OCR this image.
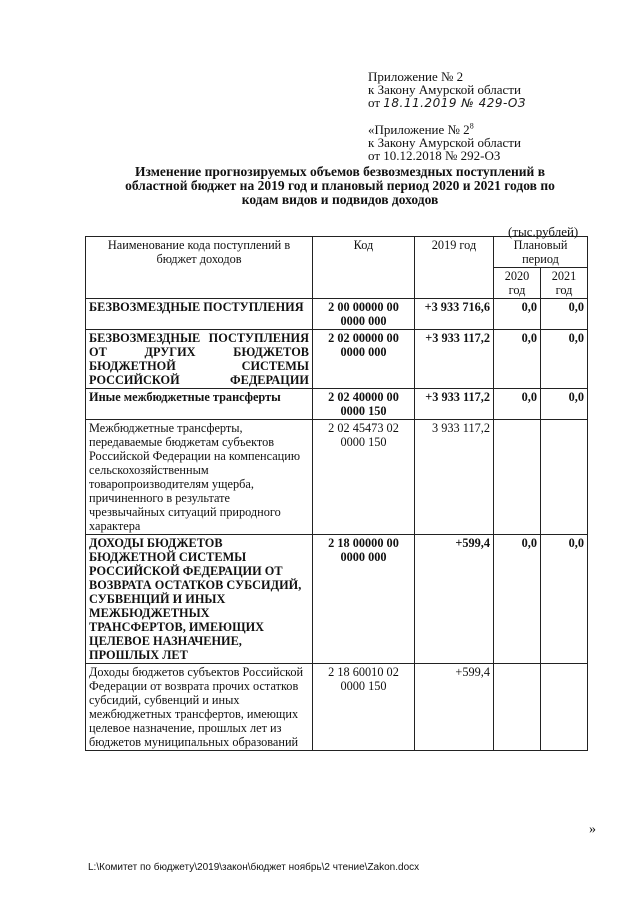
Приложение № 2
к Закону Амурской области
от 18.11.2019 № 429-ОЗ
«Приложение № $2^8$
к Закону Амурской области
от 10.12.2018 № 292-ОЗ
Изменение прогнозируемых объемов безвозмездных поступлений в
областной бюджет на 2019 год и плановый период 2020 и 2021 годов по
кодам видов и подвидов доходов
(тыс.рублей)
Наименование кода поступлений в бюджет доходов	Код	2019 год	Плановый период	
			2020 год	2021 год
БЕЗВОЗМЕЗДНЫЕ ПОСТУПЛЕНИЯ	2 00 00000 00 0000 000	+3 933 716,6	0,0	0,0
БЕЗВОЗМЕЗДНЫЕ ПОСТУПЛЕНИЯ ОТ ДРУГИХ БЮДЖЕТОВ БЮДЖЕТНОЙ СИСТЕМЫ РОССИЙСКОЙ ФЕДЕРАЦИИ	2 02 00000 00 0000 000	+3 933 117,2	0,0	0,0
Иные межбюджетные трансферты	2 02 40000 00 0000 150	+3 933 117,2	0,0	0,0
Межбюджетные трансферты, передаваемые бюджетам субъектов Российской Федерации на компенсацию сельскохозяйственным товаропроизводителям ущерба, причиненного в результате чрезвычайных ситуаций природного характера	2 02 45473 02 0000 150	3 933 117,2		
ДОХОДЫ БЮДЖЕТОВ БЮДЖЕТНОЙ СИСТЕМЫ РОССИЙСКОЙ ФЕДЕРАЦИИ ОТ ВОЗВРАТА ОСТАТКОВ СУБСИДИЙ, СУБВЕНЦИЙ И ИНЫХ МЕЖБЮДЖЕТНЫХ ТРАНСФЕРТОВ, ИМЕЮЩИХ ЦЕЛЕВОЕ НАЗНАЧЕНИЕ, ПРОШЛЫХ ЛЕТ	2 18 00000 00 0000 000	+599,4	0,0	0,0
Доходы бюджетов субъектов Российской Федерации от возврата прочих остатков субсидий, субвенций и иных межбюджетных трансфертов, имеющих целевое назначение, прошлых лет из бюджетов муниципальных образований	2 18 60010 02 0000 150	+599,4		
»
L:\Комитет по бюджету\2019\закон\бюджет ноябрь\2 чтение\Zakon.docx
